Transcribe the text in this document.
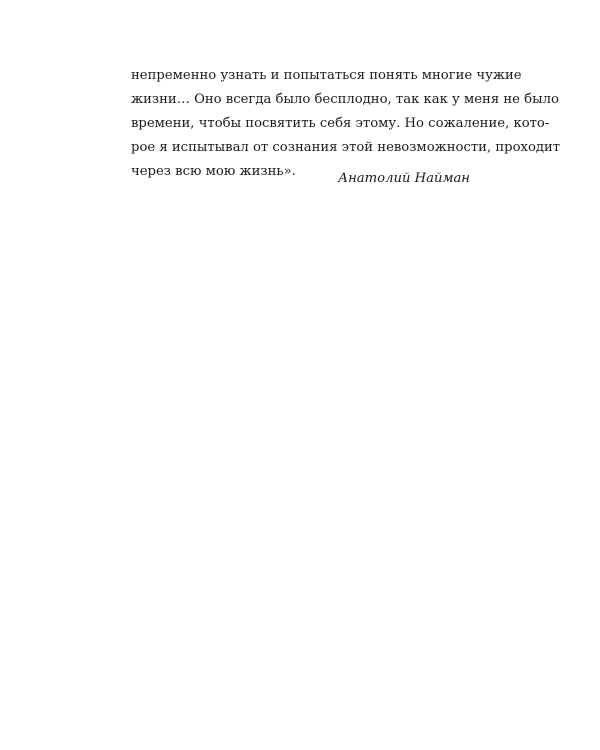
непременно узнать и попытаться понять многие чужие
жизни… Оно всегда было бесплодно, так как у меня не было
времени, чтобы посвятить себя этому. Но сожаление, кото-
рое я испытывал от сознания этой невозможности, проходит
через всю мою жизнь».	Анатолий Найман
